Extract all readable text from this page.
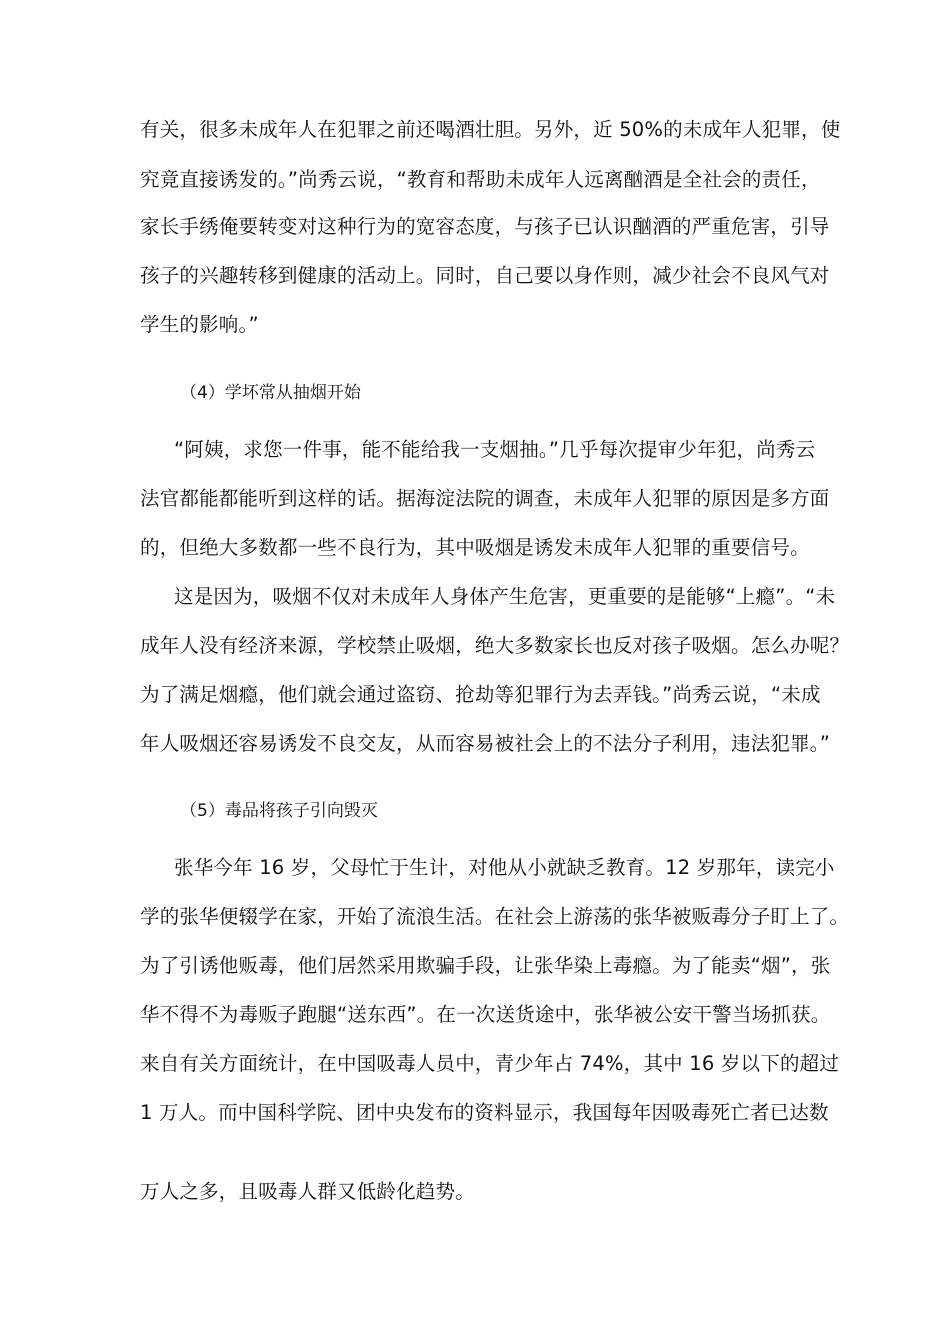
有关，很多未成年人在犯罪之前还喝酒壮胆。另外，近 50%的未成年人犯罪，使
究竟直接诱发的。”尚秀云说，“教育和帮助未成年人远离酗酒是全社会的责任，
家长手绣俺要转变对这种行为的宽容态度，与孩子已认识酗酒的严重危害，引导
孩子的兴趣转移到健康的活动上。同时，自己要以身作则，减少社会不良风气对
学生的影响。”
（4）学坏常从抽烟开始
“阿姨，求您一件事，能不能给我一支烟抽。”几乎每次提审少年犯，尚秀云
法官都能都能听到这样的话。据海淀法院的调查，未成年人犯罪的原因是多方面
的，但绝大多数都一些不良行为，其中吸烟是诱发未成年人犯罪的重要信号。
这是因为，吸烟不仅对未成年人身体产生危害，更重要的是能够“上瘾”。“未
成年人没有经济来源，学校禁止吸烟，绝大多数家长也反对孩子吸烟。怎么办呢？
为了满足烟瘾，他们就会通过盗窃、抢劫等犯罪行为去弄钱。”尚秀云说，“未成
年人吸烟还容易诱发不良交友，从而容易被社会上的不法分子利用，违法犯罪。”
（5）毒品将孩子引向毁灭
张华今年 16 岁，父母忙于生计，对他从小就缺乏教育。12 岁那年，读完小
学的张华便辍学在家，开始了流浪生活。在社会上游荡的张华被贩毒分子盯上了。
为了引诱他贩毒，他们居然采用欺骗手段，让张华染上毒瘾。为了能卖“烟”，张
华不得不为毒贩子跑腿“送东西”。在一次送货途中，张华被公安干警当场抓获。
来自有关方面统计，在中国吸毒人员中，青少年占 74%，其中 16 岁以下的超过
1 万人。而中国科学院、团中央发布的资料显示，我国每年因吸毒死亡者已达数
万人之多，且吸毒人群又低龄化趋势。
